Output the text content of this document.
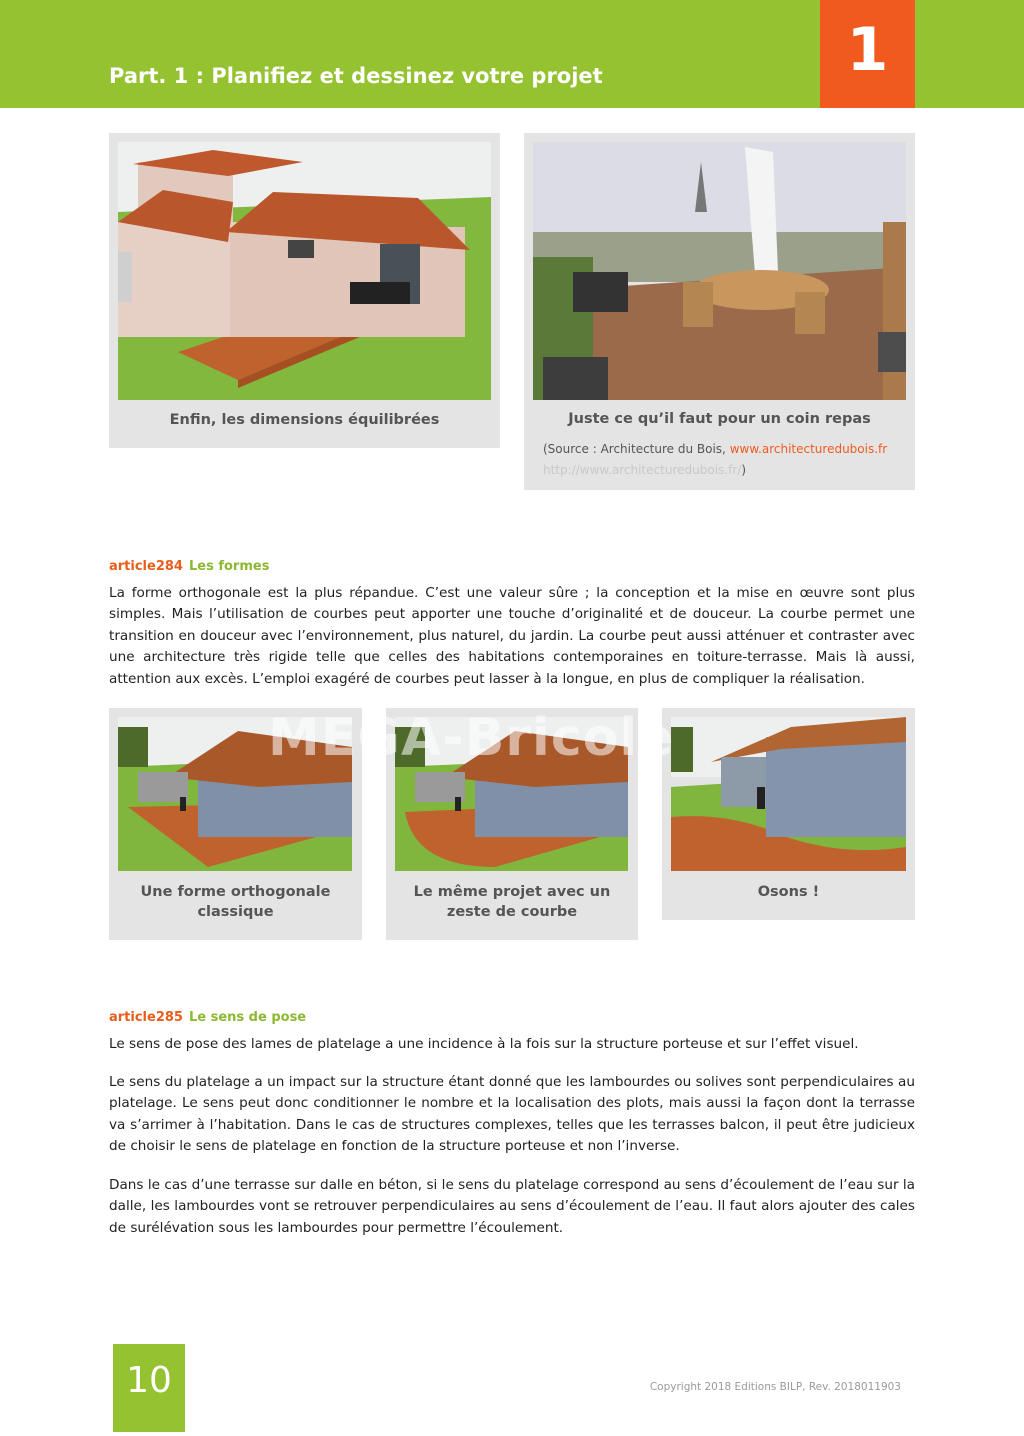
Part. 1 : Planifiez et dessinez votre projet	1
Enfin, les dimensions équilibrées	Juste ce qu’il faut pour un coin repas
(Source : Architecture du Bois, www.architecturedubois.fr
http://www.architecturedubois.fr/)
article284 Les formes
La forme orthogonale est la plus répandue. C’est une valeur sûre ; la conception et la mise en œuvre sont plus simples. Mais l’utilisation de courbes peut apporter une touche d’originalité et de douceur. La courbe permet une transition en douceur avec l’environnement, plus naturel, du jardin. La courbe peut aussi atténuer et contraster avec une architecture très rigide telle que celles des habitations contemporaines en toiture-terrasse. Mais là aussi, attention aux excès. L’emploi exagéré de courbes peut lasser à la longue, en plus de compliquer la réalisation.
Une forme orthogonale classique
Le même projet avec un zeste de courbe
Osons !
MEGA-Bricole
article285 Le sens de pose
Le sens de pose des lames de platelage a une incidence à la fois sur la structure porteuse et sur l’effet visuel.
Le sens du platelage a un impact sur la structure étant donné que les lambourdes ou solives sont perpendiculaires au platelage. Le sens peut donc conditionner le nombre et la localisation des plots, mais aussi la façon dont la terrasse va s’arrimer à l’habitation. Dans le cas de structures complexes, telles que les terrasses balcon, il peut être judicieux de choisir le sens de platelage en fonction de la structure porteuse et non l’inverse.
Dans le cas d’une terrasse sur dalle en béton, si le sens du platelage correspond au sens d’écoulement de l’eau sur la dalle, les lambourdes vont se retrouver perpendiculaires au sens d’écoulement de l’eau. Il faut alors ajouter des cales de surélévation sous les lambourdes pour permettre l’écoulement.
10	Copyright 2018 Editions BILP, Rev. 2018011903
